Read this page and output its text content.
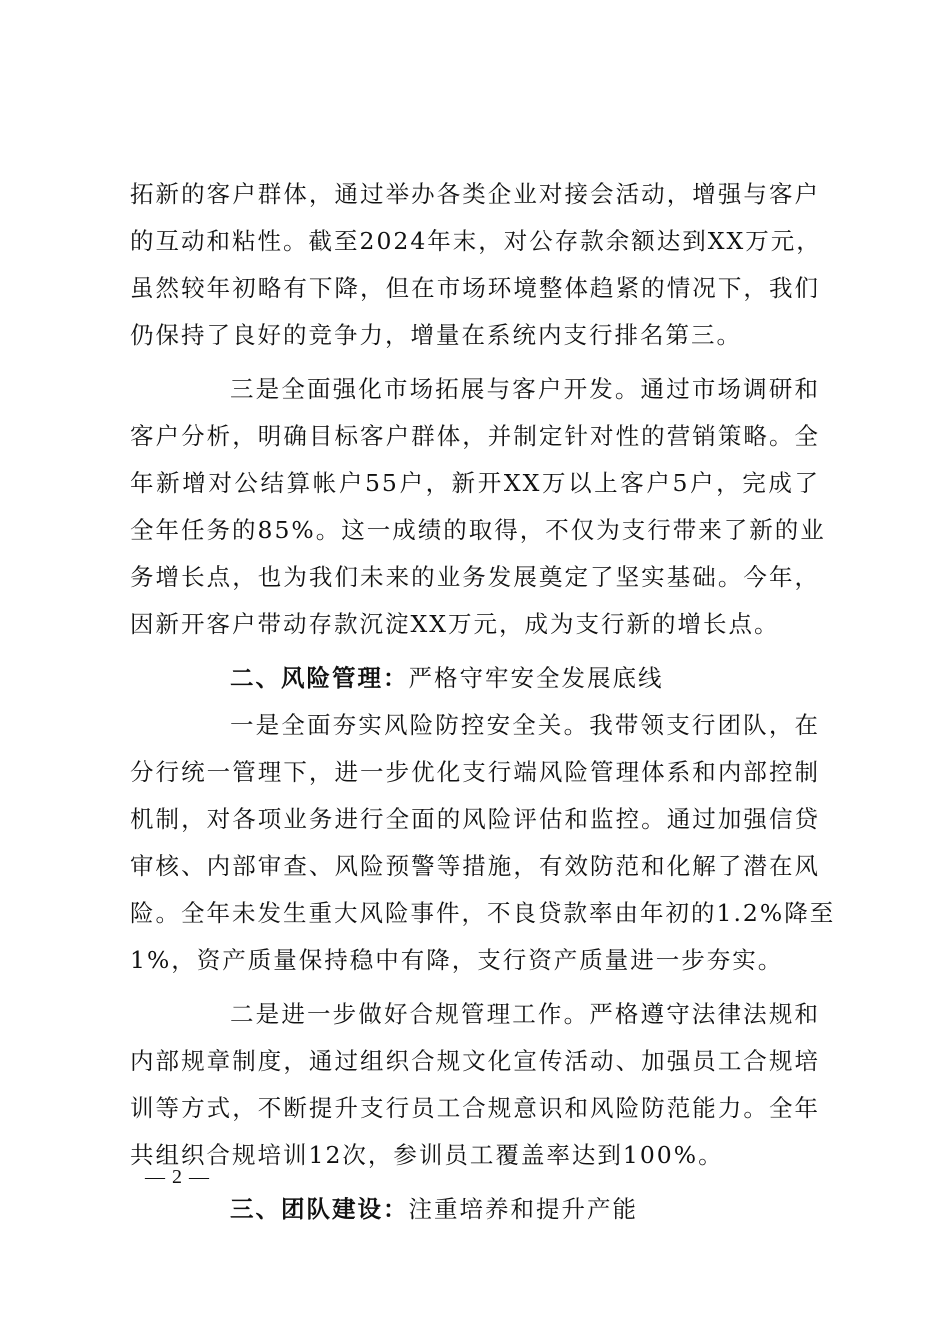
拓新的客户群体，通过举办各类企业对接会活动，增强与客户
的互动和粘性。截至2024年末，对公存款余额达到XX万元，
虽然较年初略有下降，但在市场环境整体趋紧的情况下，我们
仍保持了良好的竞争力，增量在系统内支行排名第三。
三是全面强化市场拓展与客户开发。通过市场调研和
客户分析，明确目标客户群体，并制定针对性的营销策略。全
年新增对公结算帐户55户，新开XX万以上客户5户，完成了
全年任务的85%。这一成绩的取得，不仅为支行带来了新的业
务增长点，也为我们未来的业务发展奠定了坚实基础。今年，
因新开客户带动存款沉淀XX万元，成为支行新的增长点。
二、风险管理：严格守牢安全发展底线
一是全面夯实风险防控安全关。我带领支行团队，在
分行统一管理下，进一步优化支行端风险管理体系和内部控制
机制，对各项业务进行全面的风险评估和监控。通过加强信贷
审核、内部审查、风险预警等措施，有效防范和化解了潜在风
险。全年未发生重大风险事件，不良贷款率由年初的1.2%降至
1%，资产质量保持稳中有降，支行资产质量进一步夯实。
二是进一步做好合规管理工作。严格遵守法律法规和
内部规章制度，通过组织合规文化宣传活动、加强员工合规培
训等方式，不断提升支行员工合规意识和风险防范能力。全年
共组织合规培训12次，参训员工覆盖率达到100%。
三、团队建设：注重培养和提升产能
— 2 —
